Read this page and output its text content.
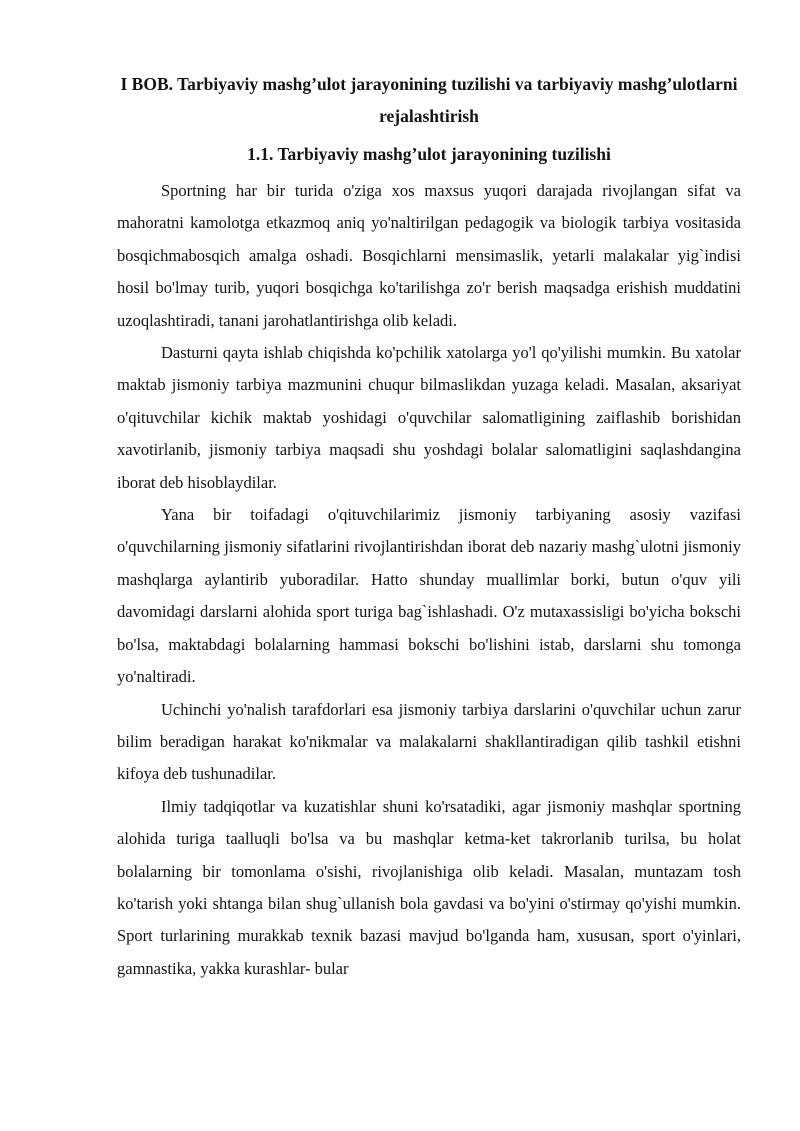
I BOB. Tarbiyaviy mashg’ulot jarayonining tuzilishi va tarbiyaviy mashg’ulotlarni rejalashtirish
1.1. Tarbiyaviy mashg’ulot jarayonining tuzilishi

Sportning har bir turida o'ziga xos maxsus yuqori darajada rivojlangan sifat va mahoratni kamolotga etkazmoq aniq yo'naltirilgan pedagogik va biologik tarbiya vositasida bosqichmabosqich amalga oshadi. Bosqichlarni mensimaslik, yetarli malakalar yig`indisi hosil bo'lmay turib, yuqori bosqichga ko'tarilishga zo'r berish maqsadga erishish muddatini uzoqlashtiradi, tanani jarohatlantirishga olib keladi.

Dasturni qayta ishlab chiqishda ko'pchilik xatolarga yo'l qo'yilishi mumkin. Bu xatolar maktab jismoniy tarbiya mazmunini chuqur bilmaslikdan yuzaga keladi. Masalan, aksariyat o'qituvchilar kichik maktab yoshidagi o'quvchilar salomatligining zaiflashib borishidan xavotirlanib, jismoniy tarbiya maqsadi shu yoshdagi bolalar salomatligini saqlashdangina iborat deb hisoblaydilar.

Yana bir toifadagi o'qituvchilarimiz jismoniy tarbiyaning asosiy vazifasi o'quvchilarning jismoniy sifatlarini rivojlantirishdan iborat deb nazariy mashg`ulotni jismoniy mashqlarga aylantirib yuboradilar. Hatto shunday muallimlar borki, butun o'quv yili davomidagi darslarni alohida sport turiga bag`ishlashadi. O'z mutaxassisligi bo'yicha bokschi bo'lsa, maktabdagi bolalarning hammasi bokschi bo'lishini istab, darslarni shu tomonga yo'naltiradi.

Uchinchi yo'nalish tarafdorlari esa jismoniy tarbiya darslarini o'quvchilar uchun zarur bilim beradigan harakat ko'nikmalar va malakalarni shakllantiradigan qilib tashkil etishni kifoya deb tushunadilar.

Ilmiy tadqiqotlar va kuzatishlar shuni ko'rsatadiki, agar jismoniy mashqlar sportning alohida turiga taalluqli bo'lsa va bu mashqlar ketma-ket takrorlanib turilsa, bu holat bolalarning bir tomonlama o'sishi, rivojlanishiga olib keladi. Masalan, muntazam tosh ko'tarish yoki shtanga bilan shug`ullanish bola gavdasi va bo'yini o'stirmay qo'yishi mumkin. Sport turlarining murakkab texnik bazasi mavjud bo'lganda ham, xususan, sport o'yinlari, gamnastika, yakka kurashlar- bular
